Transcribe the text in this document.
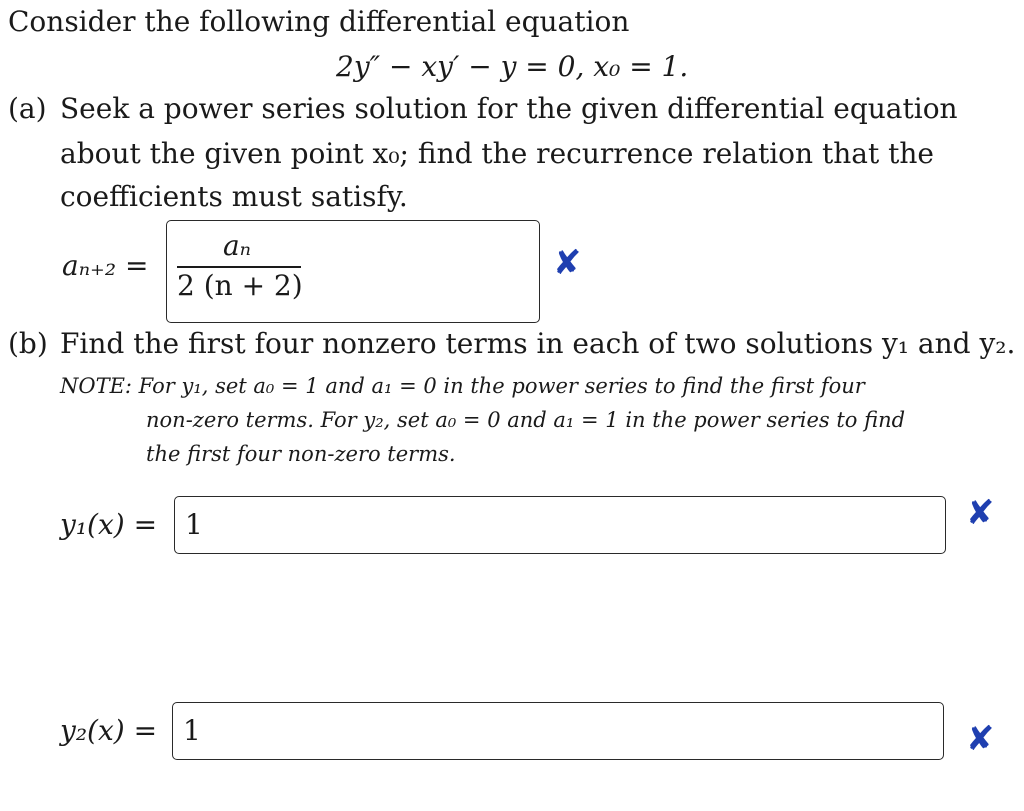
Consider the following differential equation
2y″ − xy′ − y = 0, x₀ = 1.
(a) Seek a power series solution for the given differential equation
about the given point x₀; find the recurrence relation that the
coefficients must satisfy.
aₙ₊₂ =
aₙ
2 (n + 2)
✘
(b) Find the first four nonzero terms in each of two solutions y₁ and y₂.
NOTE: For y₁, set a₀ = 1 and a₁ = 0 in the power series to find the first four
non-zero terms. For y₂, set a₀ = 0 and a₁ = 1 in the power series to find
the first four non-zero terms.
y₁(x) = 1	✘
y₂(x) = 1	✘
